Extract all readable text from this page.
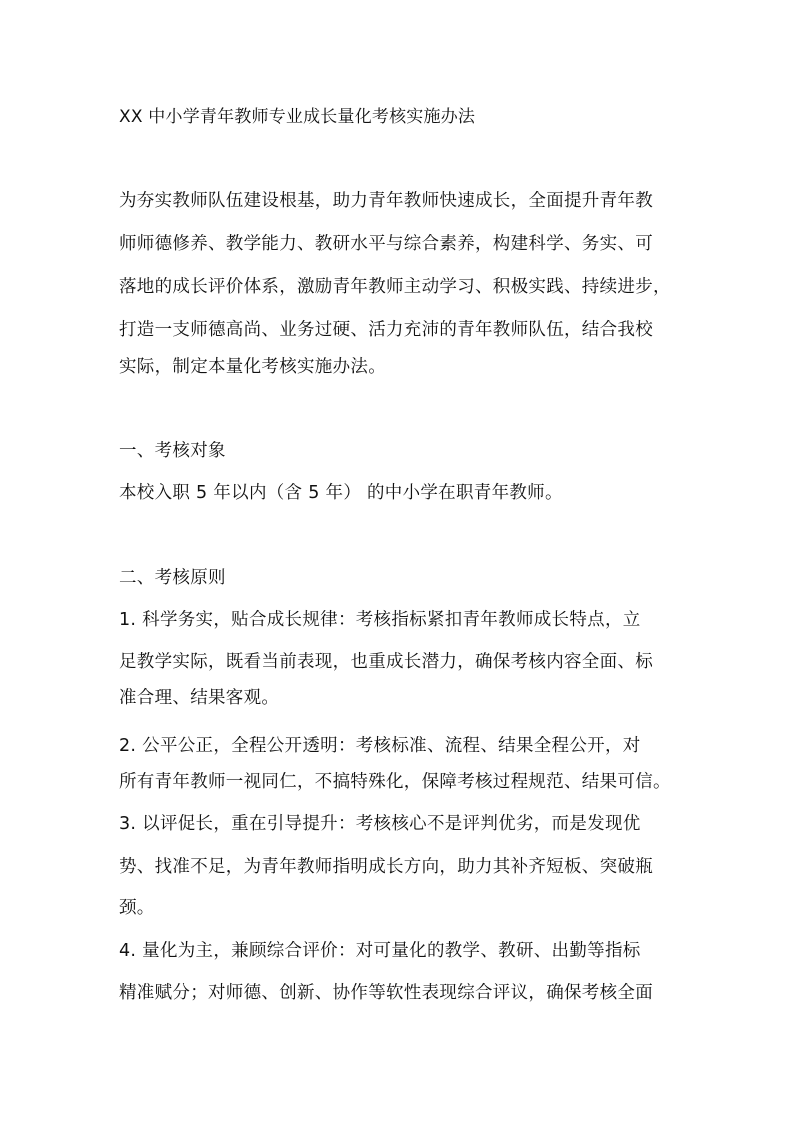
XX 中小学青年教师专业成长量化考核实施办法
为夯实教师队伍建设根基，助力青年教师快速成长，全面提升青年教
师师德修养、教学能力、教研水平与综合素养，构建科学、务实、可
落地的成长评价体系，激励青年教师主动学习、积极实践、持续进步，
打造一支师德高尚、业务过硬、活力充沛的青年教师队伍，结合我校
实际，制定本量化考核实施办法。
一、考核对象
本校入职 5 年以内（含 5 年） 的中小学在职青年教师。
二、考核原则
1. 科学务实，贴合成长规律：考核指标紧扣青年教师成长特点，立
足教学实际，既看当前表现，也重成长潜力，确保考核内容全面、标
准合理、结果客观。
2. 公平公正，全程公开透明：考核标准、流程、结果全程公开，对
所有青年教师一视同仁，不搞特殊化，保障考核过程规范、结果可信。
3. 以评促长，重在引导提升：考核核心不是评判优劣，而是发现优
势、找准不足，为青年教师指明成长方向，助力其补齐短板、突破瓶
颈。
4. 量化为主，兼顾综合评价：对可量化的教学、教研、出勤等指标
精准赋分；对师德、创新、协作等软性表现综合评议，确保考核全面
